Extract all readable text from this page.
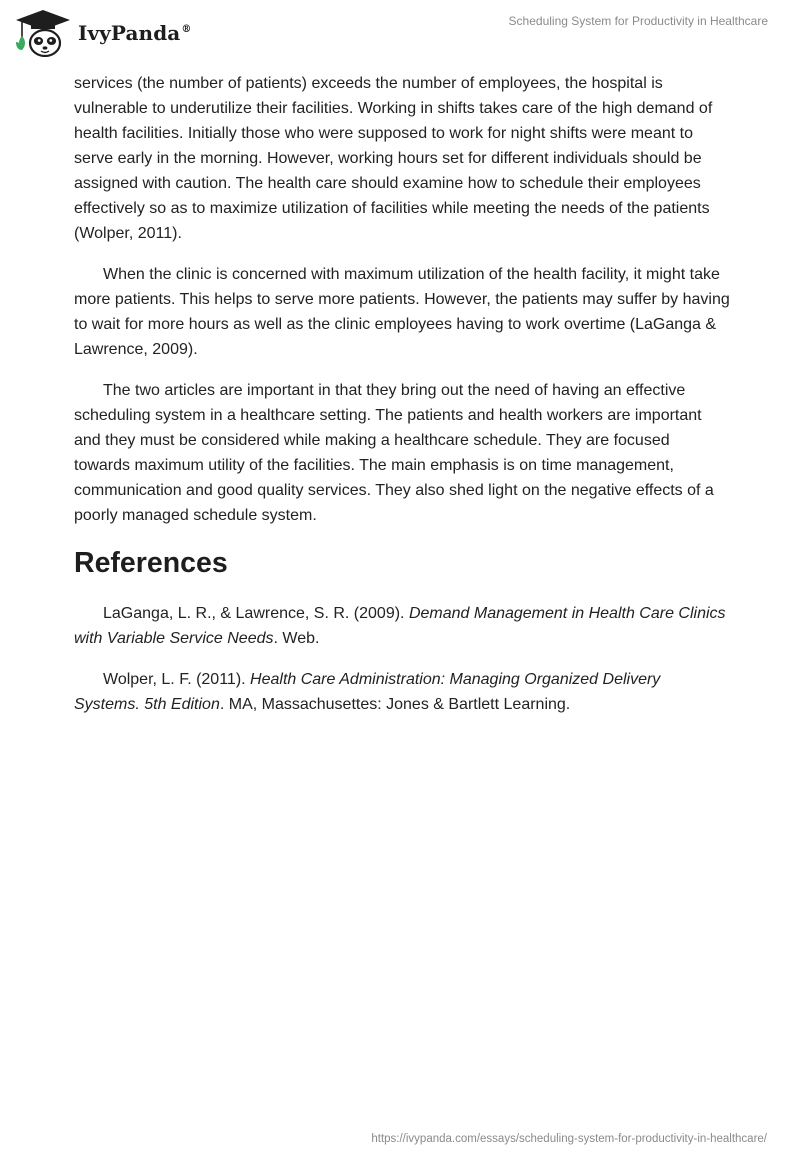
IvyPanda®
Scheduling System for Productivity in Healthcare

services (the number of patients) exceeds the number of employees, the hospital is vulnerable to underutilize their facilities. Working in shifts takes care of the high demand of health facilities. Initially those who were supposed to work for night shifts were meant to serve early in the morning. However, working hours set for different individuals should be assigned with caution. The health care should examine how to schedule their employees effectively so as to maximize utilization of facilities while meeting the needs of the patients (Wolper, 2011).

When the clinic is concerned with maximum utilization of the health facility, it might take more patients. This helps to serve more patients. However, the patients may suffer by having to wait for more hours as well as the clinic employees having to work overtime (LaGanga & Lawrence, 2009).

The two articles are important in that they bring out the need of having an effective scheduling system in a healthcare setting. The patients and health workers are important and they must be considered while making a healthcare schedule. They are focused towards maximum utility of the facilities. The main emphasis is on time management, communication and good quality services. They also shed light on the negative effects of a poorly managed schedule system.

References

LaGanga, L. R., & Lawrence, S. R. (2009). Demand Management in Health Care Clinics with Variable Service Needs. Web.

Wolper, L. F. (2011). Health Care Administration: Managing Organized Delivery Systems. 5th Edition. MA, Massachusettes: Jones & Bartlett Learning.

https://ivypanda.com/essays/scheduling-system-for-productivity-in-healthcare/
